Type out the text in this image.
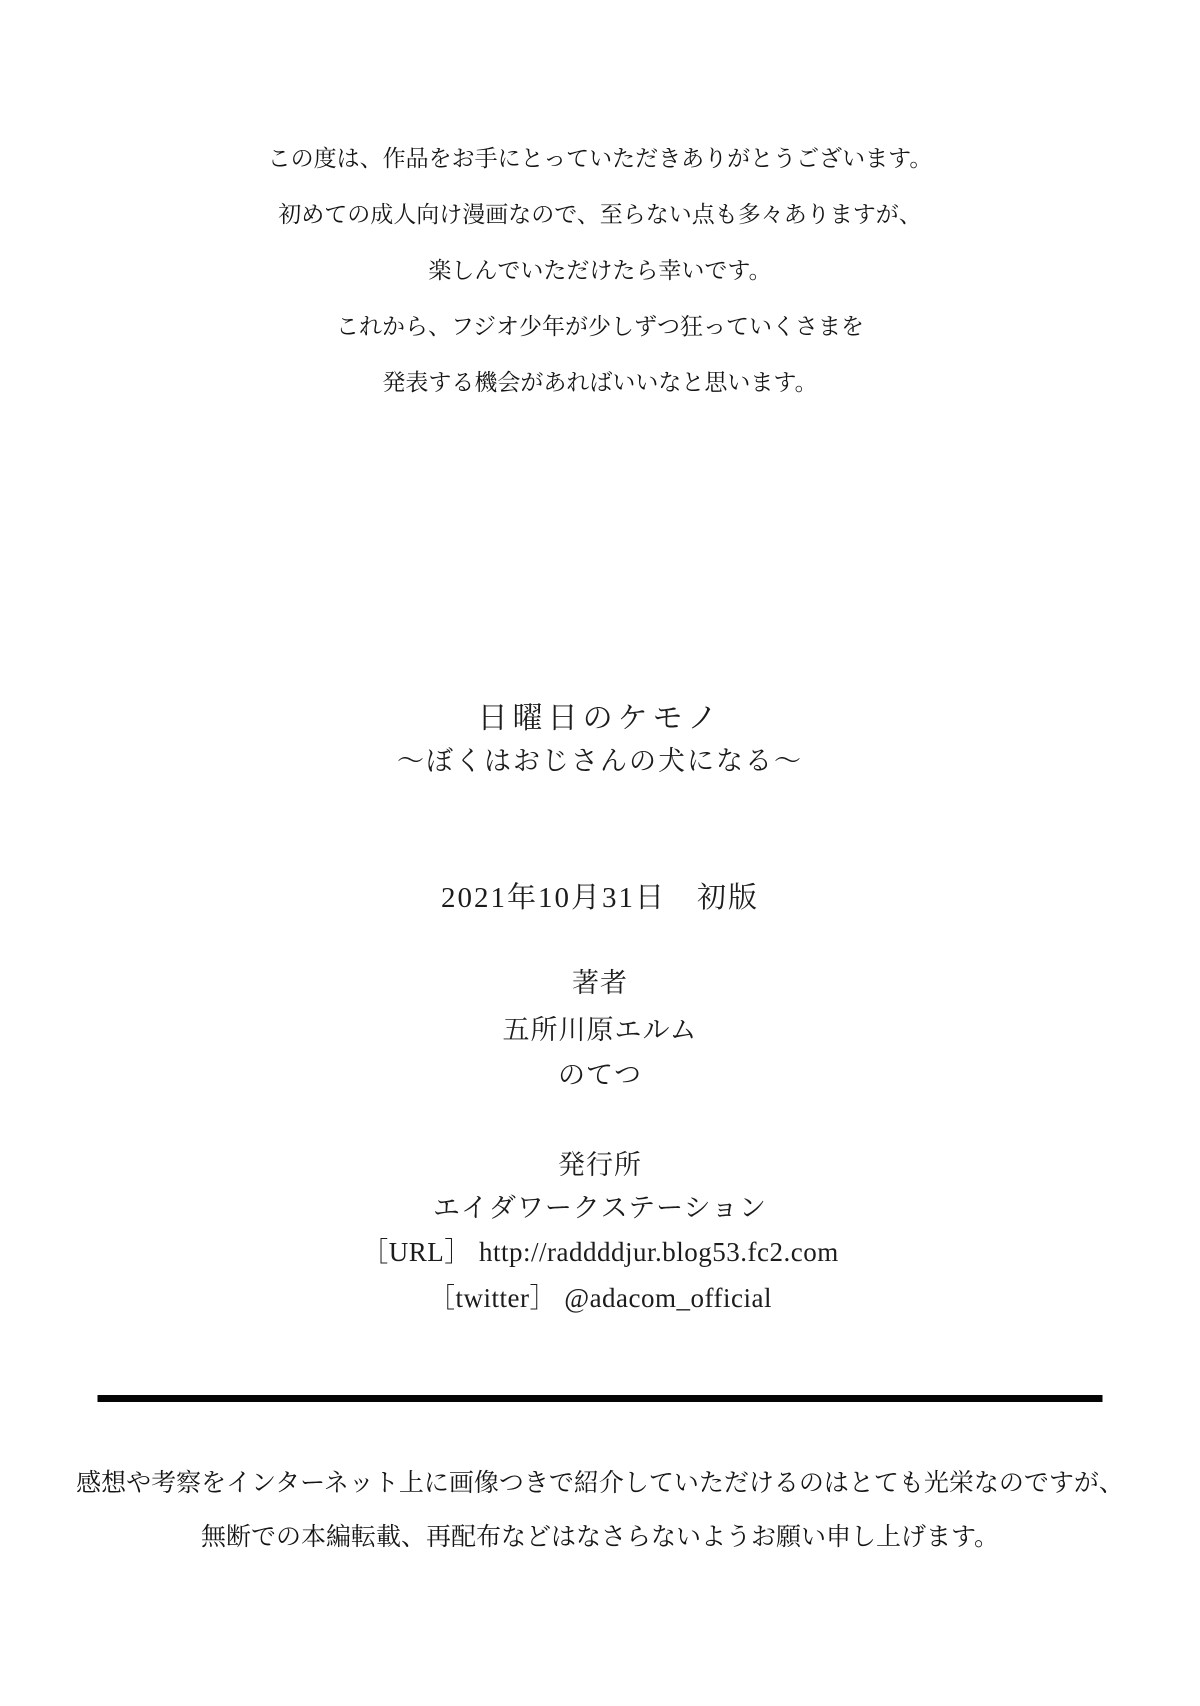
この度は、作品をお手にとっていただきありがとうございます。

初めての成人向け漫画なので、至らない点も多々ありますが、

楽しんでいただけたら幸いです。

これから、フジオ少年が少しずつ狂っていくさまを

発表する機会があればいいなと思います。

日曜日のケモノ
～ぼくはおじさんの犬になる～

2021年10月31日　初版

著者

五所川原エルム

のてつ

発行所

エイダワークステーション

［URL］ http://raddddjur.blog53.fc2.com

［twitter］ @adacom_official

感想や考察をインターネット上に画像つきで紹介していただけるのはとても光栄なのですが、

無断での本編転載、再配布などはなさらないようお願い申し上げます。
